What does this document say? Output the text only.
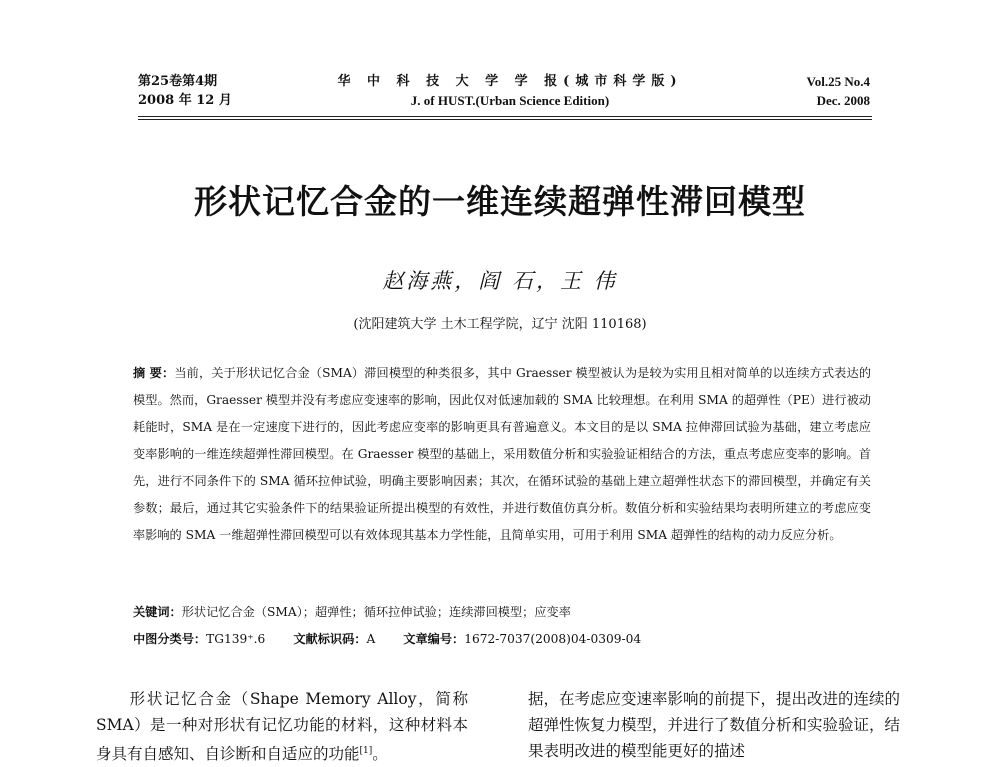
第25卷第4期
2008 年 12 月
华 中 科 技 大 学 学 报(城市科学版)
J. of HUST.(Urban Science Edition)
Vol.25 No.4
Dec. 2008
形状记忆合金的一维连续超弹性滞回模型
赵海燕，阎 石，王 伟
(沈阳建筑大学 土木工程学院，辽宁 沈阳 110168)
摘 要：当前，关于形状记忆合金（SMA）滞回模型的种类很多，其中 Graesser 模型被认为是较为实用且相对简单的以连续方式表达的模型。然而，Graesser 模型并没有考虑应变速率的影响，因此仅对低速加载的 SMA 比较理想。在利用 SMA 的超弹性（PE）进行被动耗能时，SMA 是在一定速度下进行的，因此考虑应变率的影响更具有普遍意义。本文目的是以 SMA 拉伸滞回试验为基础，建立考虑应变率影响的一维连续超弹性滞回模型。在 Graesser 模型的基础上，采用数值分析和实验验证相结合的方法，重点考虑应变率的影响。首先，进行不同条件下的 SMA 循环拉伸试验，明确主要影响因素；其次，在循环试验的基础上建立超弹性状态下的滞回模型，并确定有关参数；最后，通过其它实验条件下的结果验证所提出模型的有效性，并进行数值仿真分析。数值分析和实验结果均表明所建立的考虑应变率影响的 SMA 一维超弹性滞回模型可以有效体现其基本力学性能，且简单实用，可用于利用 SMA 超弹性的结构的动力反应分析。
关键词：形状记忆合金（SMA）；超弹性；循环拉伸试验；连续滞回模型；应变率
中图分类号：TG139⁺.6 文献标识码：A 文章编号：1672-7037(2008)04-0309-04
形状记忆合金（Shape Memory Alloy，简称 SMA）是一种对形状有记忆功能的材料，这种材料本身具有自感知、自诊断和自适应的功能[1]。
据，在考虑应变速率影响的前提下，提出改进的连续的超弹性恢复力模型，并进行了数值分析和实验验证，结果表明改进的模型能更好的描述
